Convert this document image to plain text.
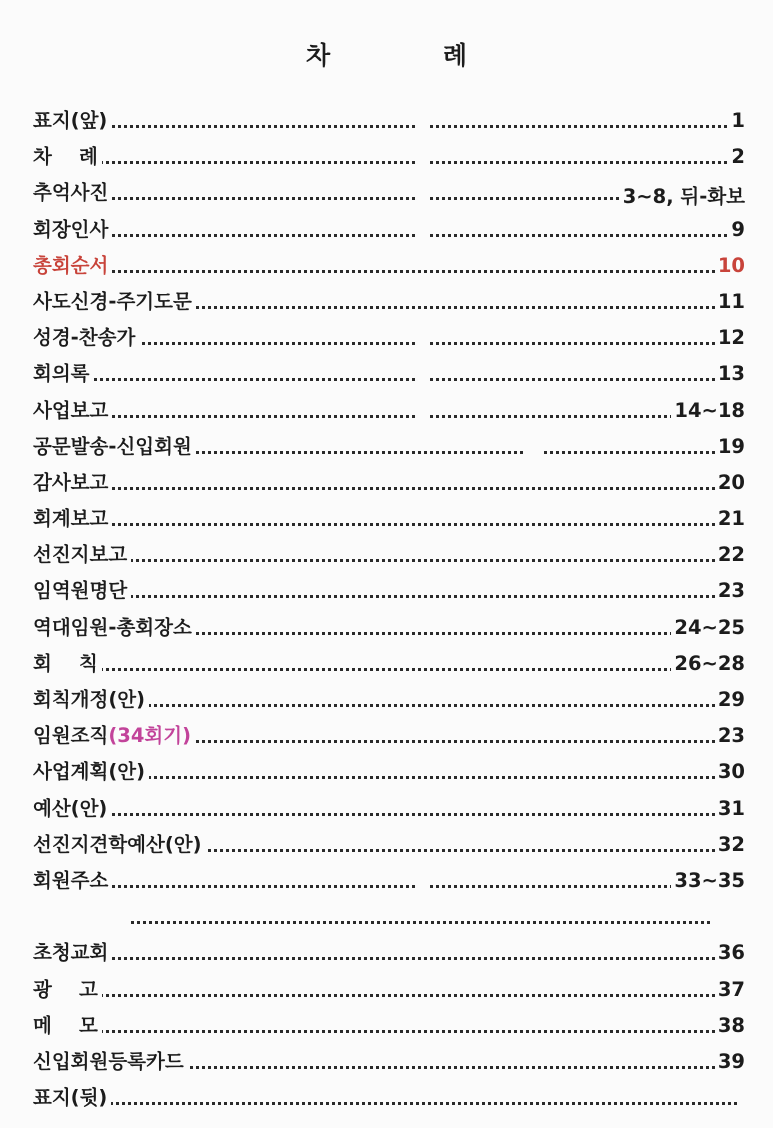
차 례
표지(앞)	1
차    례	2
추억사진	3~8, 뒤-화보
회장인사	9
총회순서	10
사도신경-주기도문	11
성경-찬송가	12
회의록	13
사업보고	14~18
공문발송-신입회원	19
감사보고	20
회계보고	21
선진지보고	22
임역원명단	23
역대임원-총회장소	24~25
회    칙	26~28
회칙개정(안)	29
임원조직(34회기)	23
사업계획(안)	30
예산(안)	31
선진지견학예산(안)	32
회원주소	33~35
초청교회	36
광    고	37
메    모	38
신입회원등록카드	39
표지(뒷)
